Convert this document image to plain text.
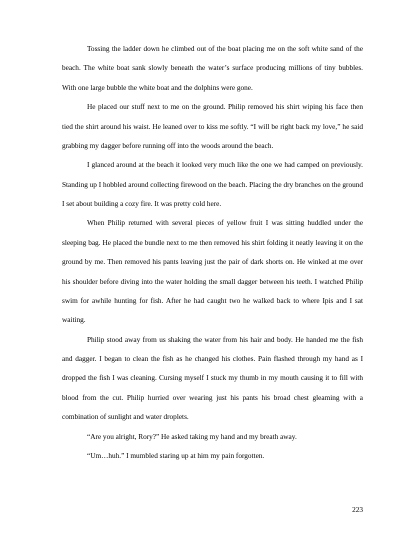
Tossing the ladder down he climbed out of the boat placing me on the soft white sand of the beach. The white boat sank slowly beneath the water’s surface producing millions of tiny bubbles. With one large bubble the white boat and the dolphins were gone.

He placed our stuff next to me on the ground. Philip removed his shirt wiping his face then tied the shirt around his waist. He leaned over to kiss me softly. “I will be right back my love,” he said grabbing my dagger before running off into the woods around the beach.

I glanced around at the beach it looked very much like the one we had camped on previously. Standing up I hobbled around collecting firewood on the beach. Placing the dry branches on the ground I set about building a cozy fire. It was pretty cold here.

When Philip returned with several pieces of yellow fruit I was sitting huddled under the sleeping bag. He placed the bundle next to me then removed his shirt folding it neatly leaving it on the ground by me. Then removed his pants leaving just the pair of dark shorts on. He winked at me over his shoulder before diving into the water holding the small dagger between his teeth. I watched Philip swim for awhile hunting for fish. After he had caught two he walked back to where Ipis and I sat waiting.

Philip stood away from us shaking the water from his hair and body. He handed me the fish and dagger. I began to clean the fish as he changed his clothes. Pain flashed through my hand as I dropped the fish I was cleaning. Cursing myself I stuck my thumb in my mouth causing it to fill with blood from the cut. Philip hurried over wearing just his pants his broad chest gleaming with a combination of sunlight and water droplets.

“Are you alright, Rory?” He asked taking my hand and my breath away.

“Um…huh.” I mumbled staring up at him my pain forgotten.

223
